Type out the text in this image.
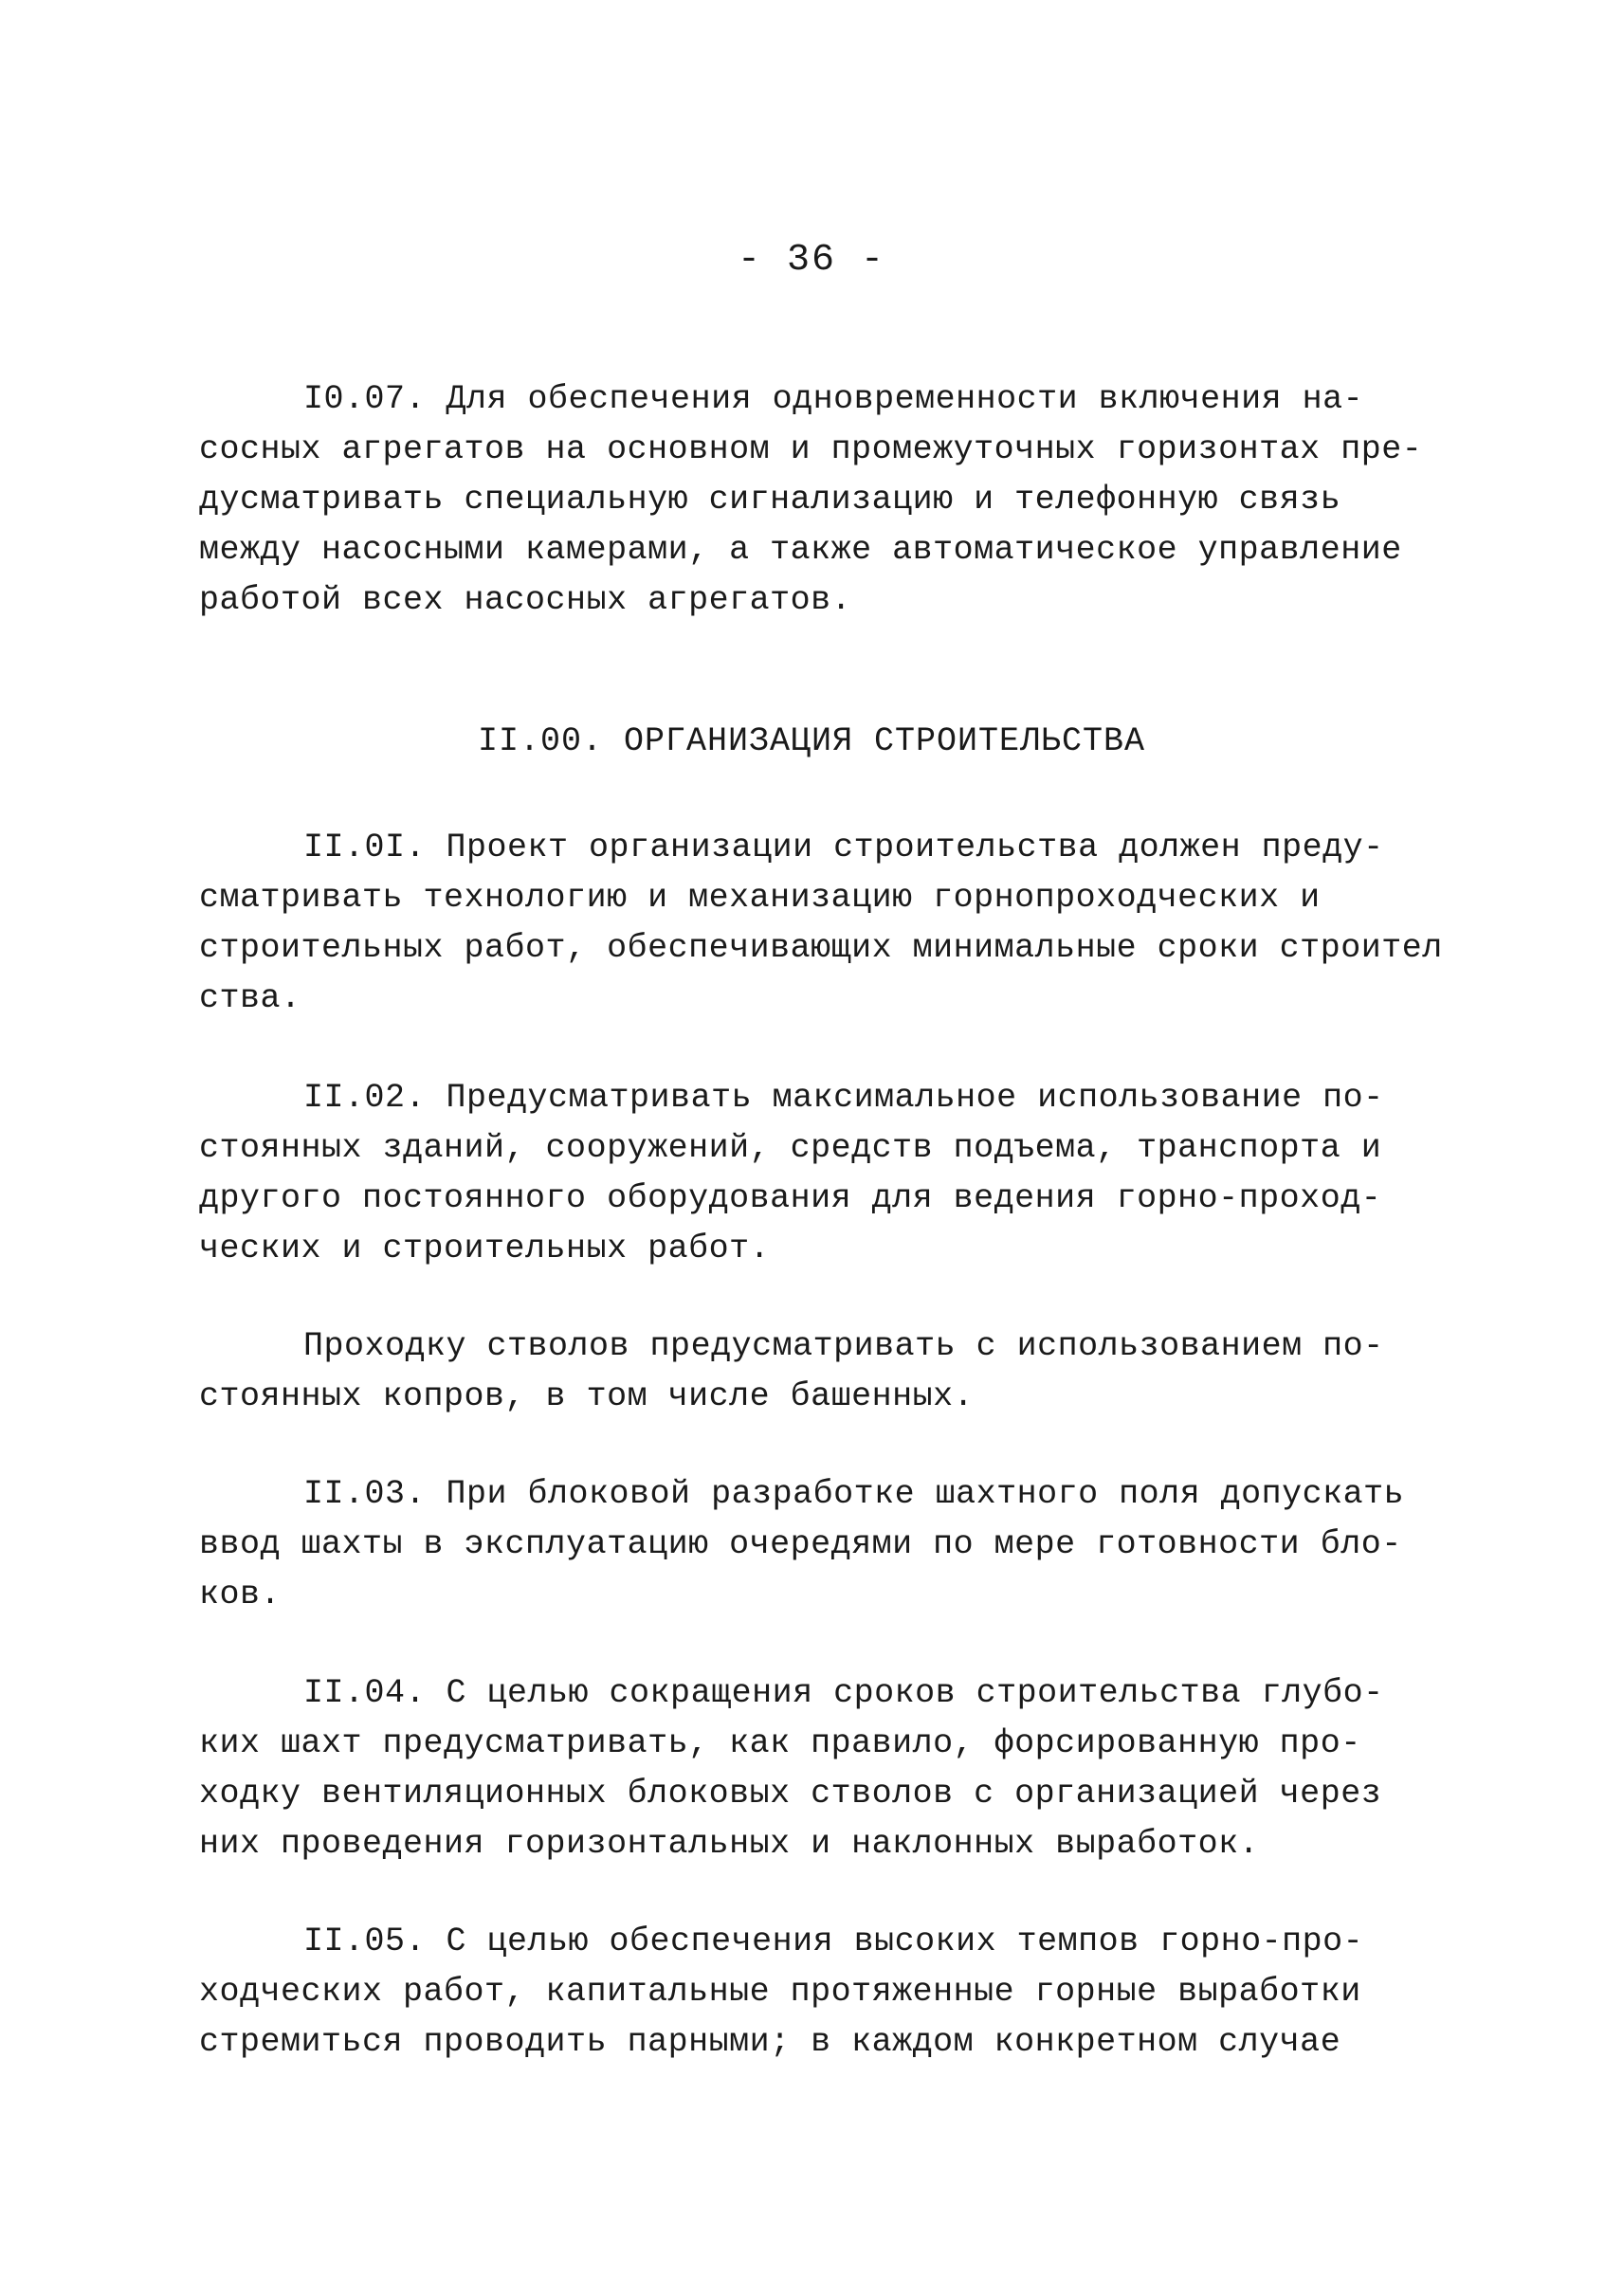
- 36 -
I0.07. Для обеспечения одновременности включения на-
сосных агрегатов на основном и промежуточных горизонтах пре-
дусматривать специальную сигнализацию и телефонную связь
между насосными камерами, а также автоматическое управление
работой всех насосных агрегатов.
II.00. ОРГАНИЗАЦИЯ СТРОИТЕЛЬСТВА
II.0I. Проект организации строительства должен преду-
сматривать технологию и механизацию горнопроходческих и
строительных работ, обеспечивающих минимальные сроки строител
ства.
II.02. Предусматривать максимальное использование по-
стоянных зданий, сооружений, средств подъема, транспорта и
другого постоянного оборудования для ведения горно-проход-
ческих и строительных работ.
Проходку стволов предусматривать с использованием по-
стоянных копров, в том числе башенных.
II.03. При блоковой разработке шахтного поля допускать
ввод шахты в эксплуатацию очередями по мере готовности бло-
ков.
II.04. С целью сокращения сроков строительства глубо-
ких шахт предусматривать, как правило, форсированную про-
ходку вентиляционных блоковых стволов с организацией через
них проведения горизонтальных и наклонных выработок.
II.05. С целью обеспечения высоких темпов горно-про-
ходческих работ, капитальные протяженные горные выработки
стремиться проводить парными; в каждом конкретном случае
